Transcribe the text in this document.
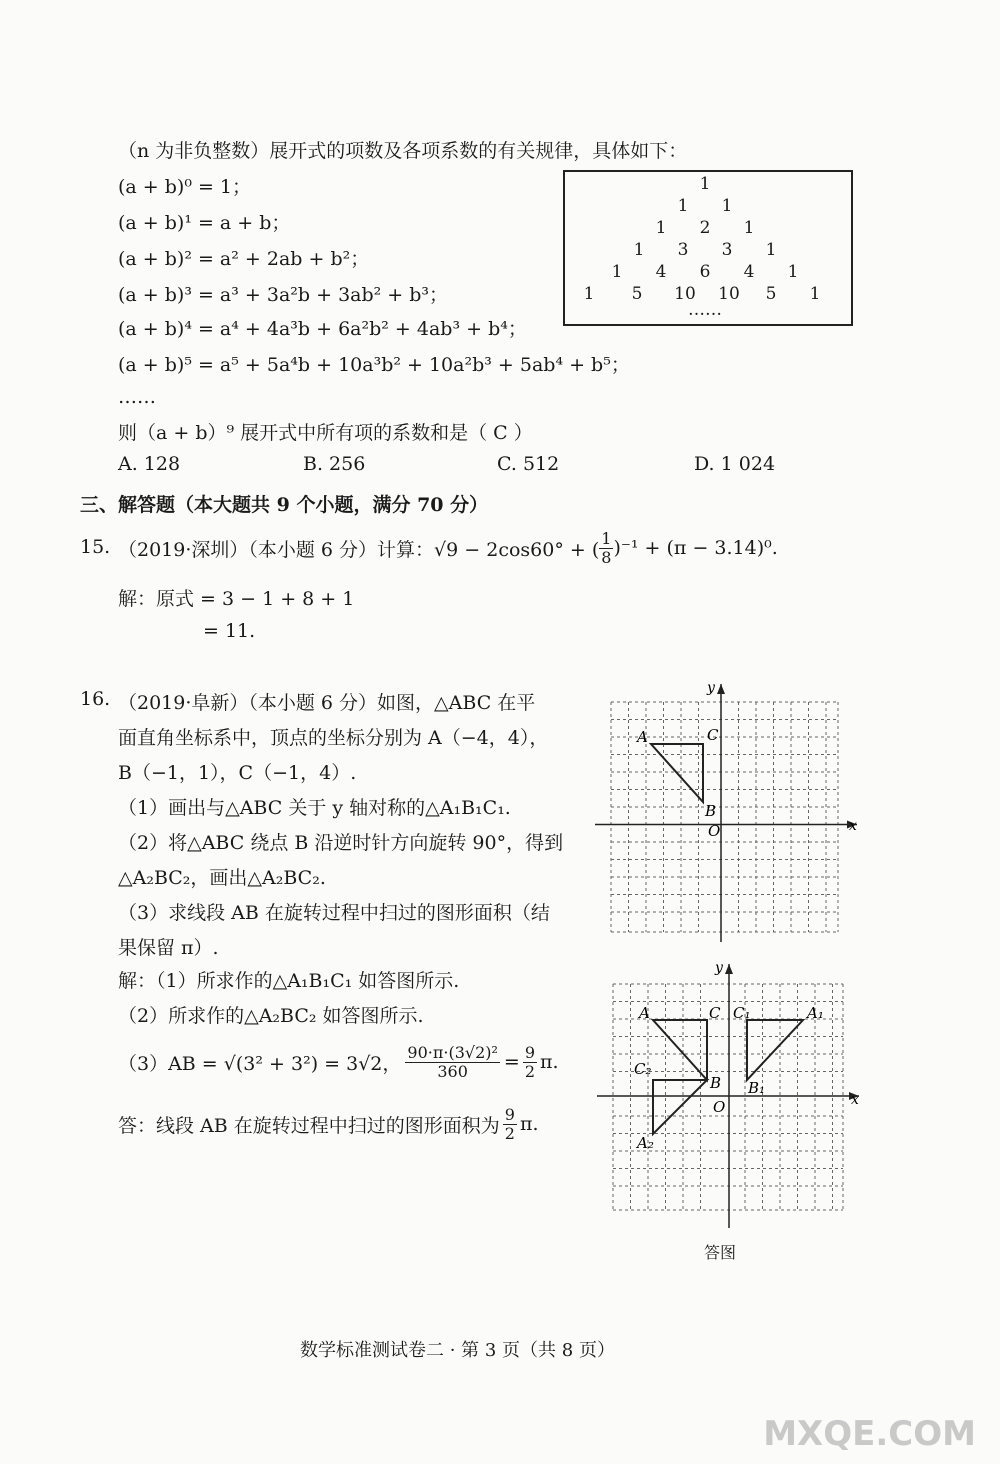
（n 为非负整数）展开式的项数及各项系数的有关规律，具体如下：
(a + b)⁰ = 1；
(a + b)¹ = a + b；
(a + b)² = a² + 2ab + b²；
(a + b)³ = a³ + 3a²b + 3ab² + b³；
(a + b)⁴ = a⁴ + 4a³b + 6a²b² + 4ab³ + b⁴；
(a + b)⁵ = a⁵ + 5a⁴b + 10a³b² + 10a²b³ + 5ab⁴ + b⁵；
……
1
1 1
1 2 1
1 3 3 1
1 4 6 4 1
1 5 10 10 5 1
……
则（a + b）⁹ 展开式中所有项的系数和是（ C ）
A. 128	B. 256	C. 512	D. 1 024
三、解答题（本大题共 9 个小题，满分 70 分）
15. （2019·深圳）（本小题 6 分）计算：√9 − 2cos60° + ( $\frac{1}{8} )^{-1} + (\pi - 3.14)^0$.
解：原式 = 3 − 1 + 8 + 1
= 11.
16. （2019·阜新）（本小题 6 分）如图，△ABC 在平
面直角坐标系中，顶点的坐标分别为 A（−4，4），
B（−1，1），C（−1，4）.
（1）画出与△ABC 关于 y 轴对称的△A₁B₁C₁.
（2）将△ABC 绕点 B 沿逆时针方向旋转 90°，得到
△A₂BC₂，画出△A₂BC₂.
（3）求线段 AB 在旋转过程中扫过的图形面积（结
果保留 π）.
解：（1）所求作的△A₁B₁C₁ 如答图所示.
（2）所求作的△A₂BC₂ 如答图所示.
（3）AB = √(3² + 3²) = 3√2， $\frac{\text{90·π·(3√2)²}}{360} = \frac{9}{2} \pi$.
答：线段 AB 在旋转过程中扫过的图形面积为 $\frac{9}{2} \pi$.
A	C
B
O	x
y
A	C C₁	A₁
C₂
B B₁
O
A₂
x
y
答图
数学标准测试卷二 · 第 3 页（共 8 页）
MXQE.COM
